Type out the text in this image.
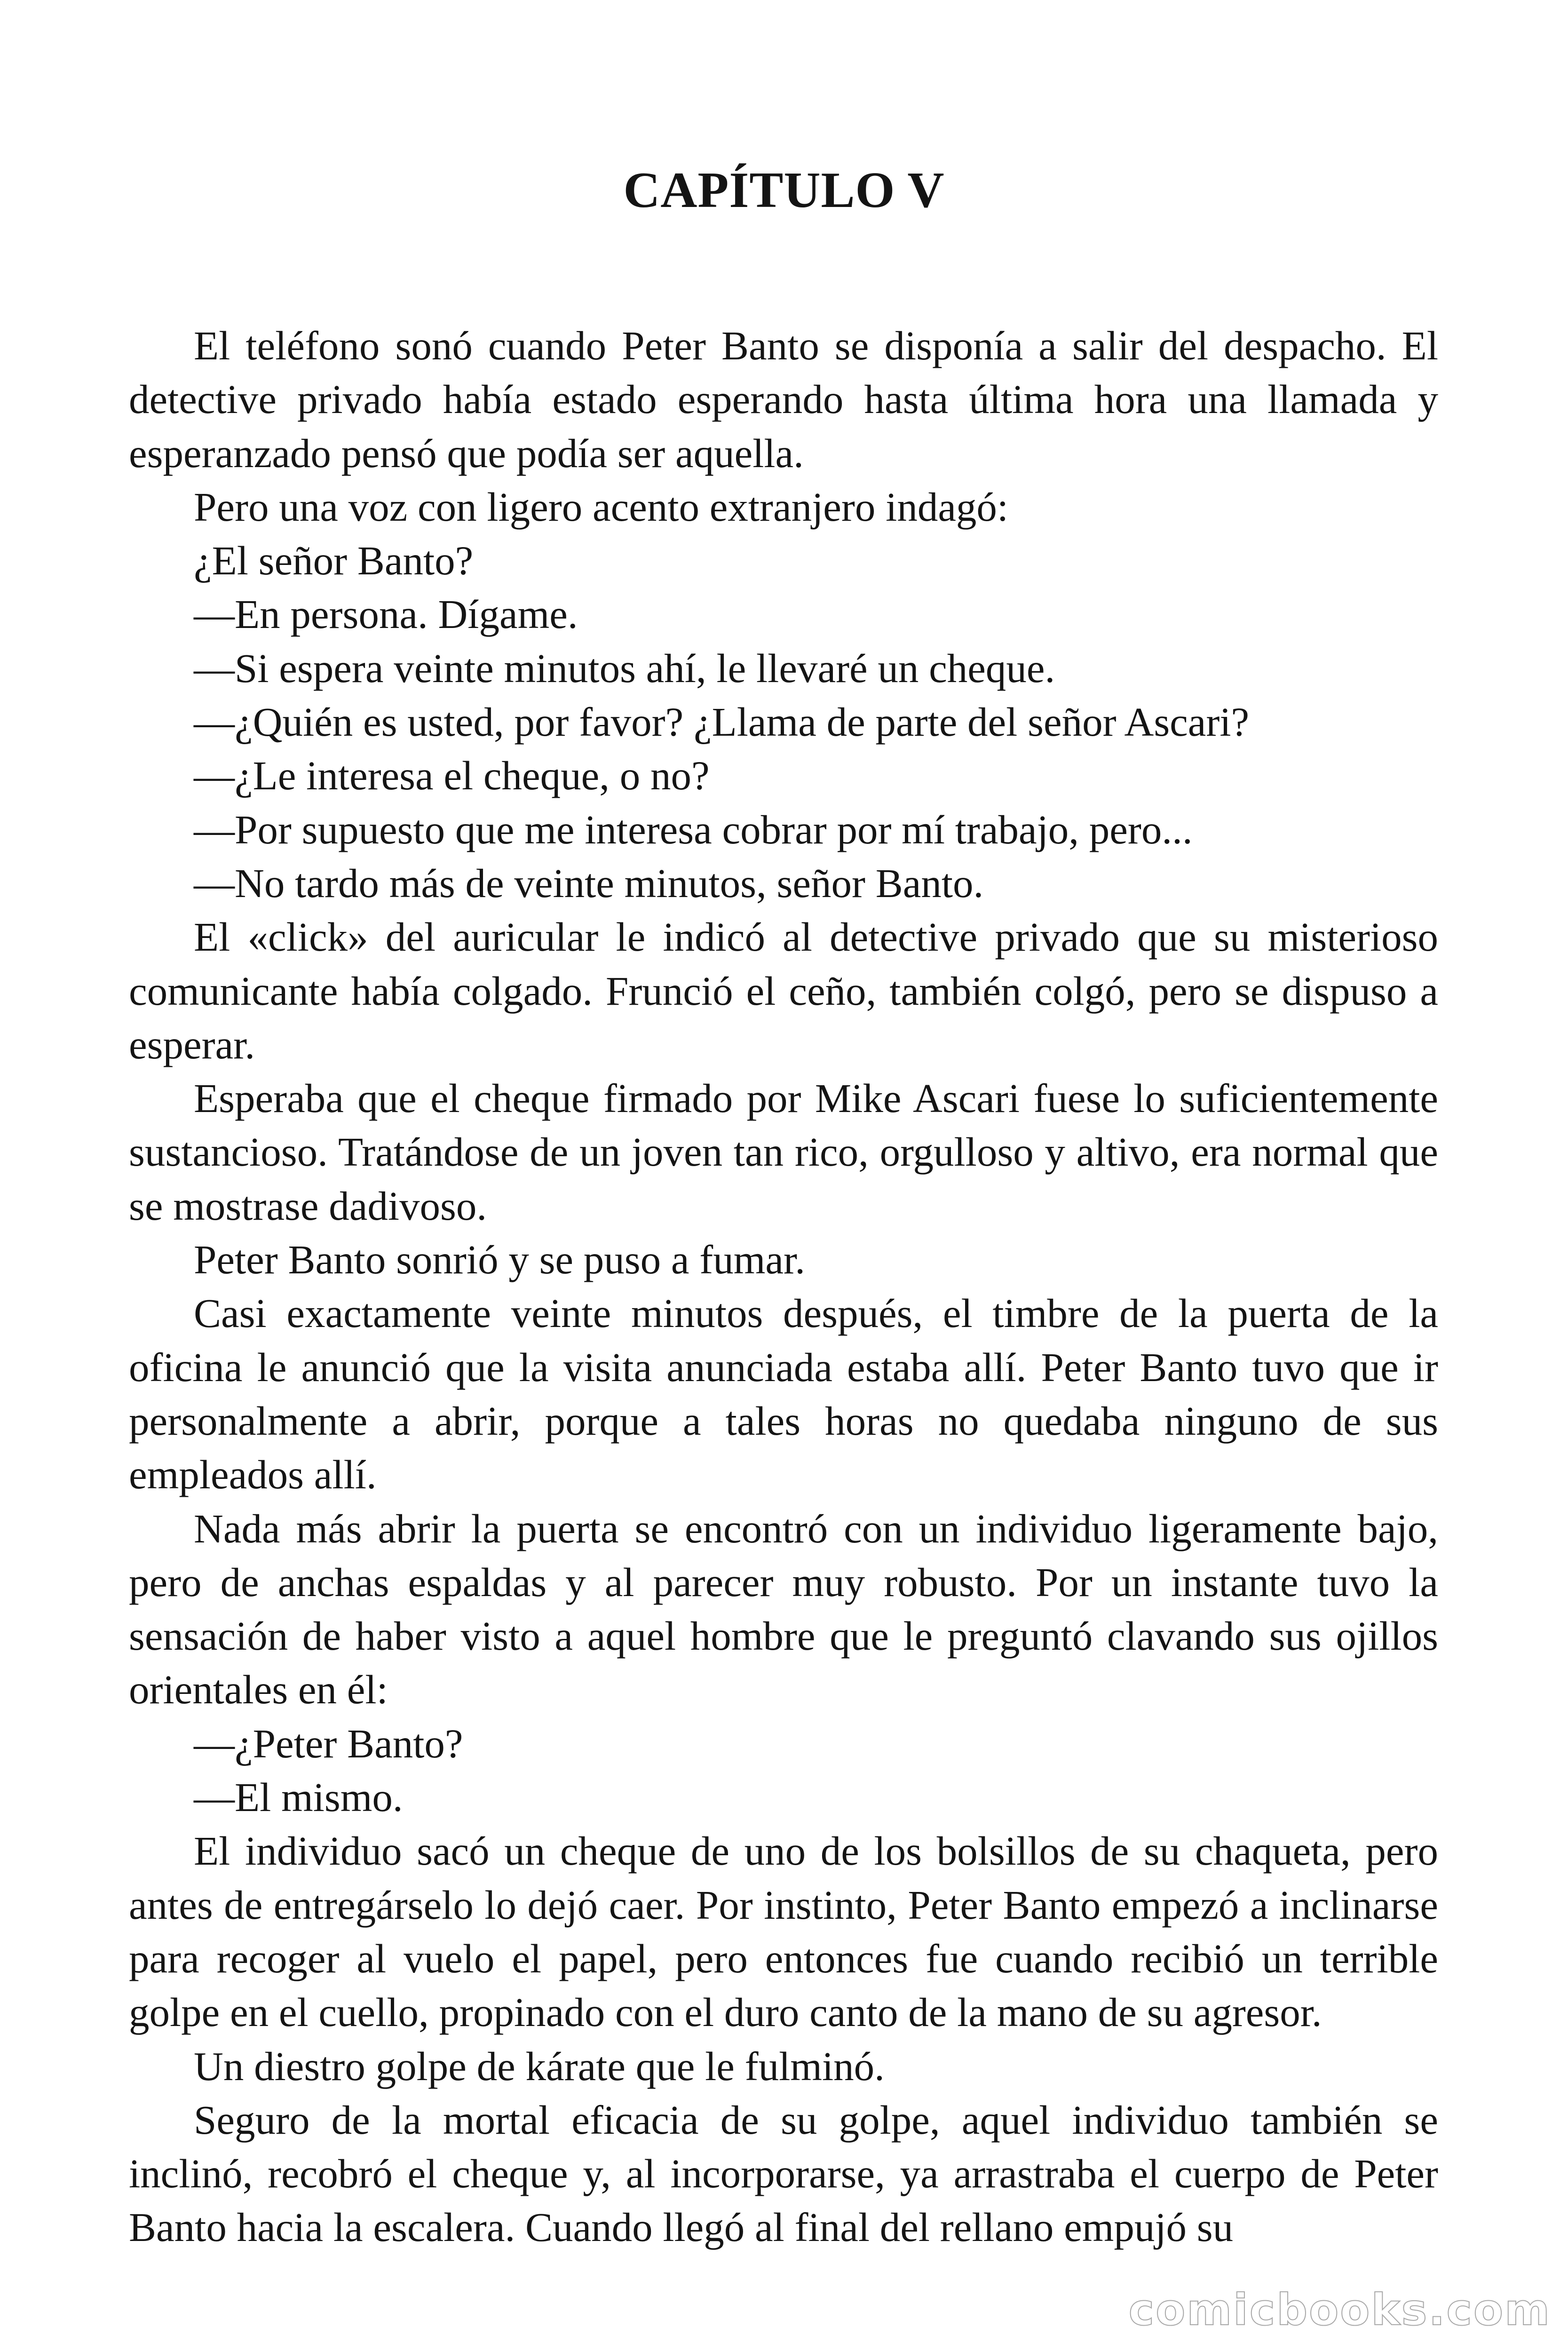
CAPÍTULO V

El teléfono sonó cuando Peter Banto se disponía a salir del despacho. El detective privado había estado esperando hasta última hora una llamada y esperanzado pensó que podía ser aquella.

Pero una voz con ligero acento extranjero indagó:

¿El señor Banto?

—En persona. Dígame.

—Si espera veinte minutos ahí, le llevaré un cheque.

—¿Quién es usted, por favor? ¿Llama de parte del señor Ascari?

—¿Le interesa el cheque, o no?

—Por supuesto que me interesa cobrar por mí trabajo, pero...

—No tardo más de veinte minutos, señor Banto.

El «click» del auricular le indicó al detective privado que su misterioso comunicante había colgado. Frunció el ceño, también colgó, pero se dispuso a esperar.

Esperaba que el cheque firmado por Mike Ascari fuese lo suficientemente sustancioso. Tratándose de un joven tan rico, orgulloso y altivo, era normal que se mostrase dadivoso.

Peter Banto sonrió y se puso a fumar.

Casi exactamente veinte minutos después, el timbre de la puerta de la oficina le anunció que la visita anunciada estaba allí. Peter Banto tuvo que ir personalmente a abrir, porque a tales horas no quedaba ninguno de sus empleados allí.

Nada más abrir la puerta se encontró con un individuo ligeramente bajo, pero de anchas espaldas y al parecer muy robusto. Por un instante tuvo la sensación de haber visto a aquel hombre que le preguntó clavando sus ojillos orientales en él:

—¿Peter Banto?

—El mismo.

El individuo sacó un cheque de uno de los bolsillos de su chaqueta, pero antes de entregárselo lo dejó caer. Por instinto, Peter Banto empezó a inclinarse para recoger al vuelo el papel, pero entonces fue cuando recibió un terrible golpe en el cuello, propinado con el duro canto de la mano de su agresor.

Un diestro golpe de kárate que le fulminó.

Seguro de la mortal eficacia de su golpe, aquel individuo también se inclinó, recobró el cheque y, al incorporarse, ya arrastraba el cuerpo de Peter Banto hacia la escalera. Cuando llegó al final del rellano empujó su

comicbooks.com
